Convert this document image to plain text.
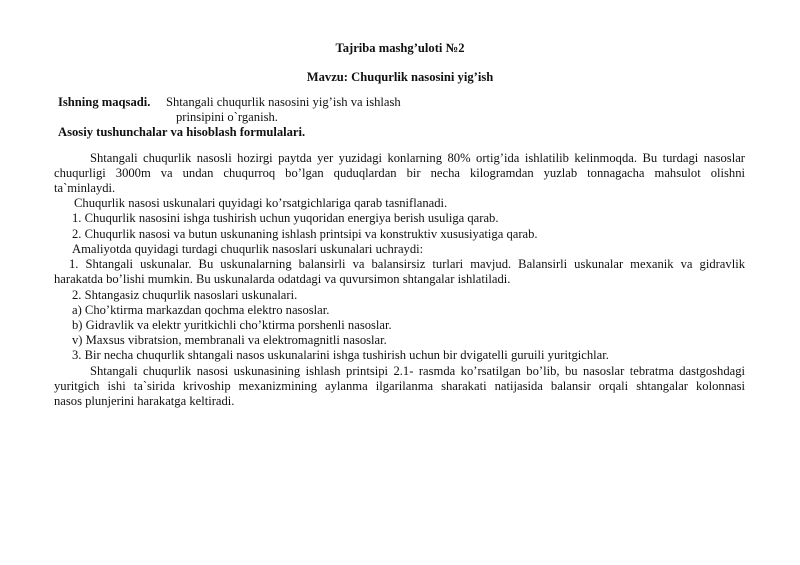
Tajriba mashg’uloti №2
Mavzu: Chuqurlik nasosini yig’ish
Ishning maqsadi. Shtangali chuqurlik nasosini yig’ish va ishlash
prinsipini o`rganish.
Asosiy tushunchalar va hisoblash formulalari.
Shtangali chuqurlik nasosli hozirgi paytda yer yuzidagi konlarning 80% ortig’ida ishlatilib kelinmoqda. Bu turdagi nasoslar
chuqurligi 3000m va undan chuqurroq bo’lgan quduqlardan bir necha kilogramdan yuzlab tonnagacha mahsulot olishni
ta`minlaydi.
Chuqurlik nasosi uskunalari quyidagi ko’rsatgichlariga qarab tasniflanadi.
1. Chuqurlik nasosini ishga tushirish uchun yuqoridan energiya berish usuliga qarab.
2. Chuqurlik nasosi va butun uskunaning ishlash printsipi va konstruktiv xususiyatiga qarab.
Amaliyotda quyidagi turdagi chuqurlik nasoslari uskunalari uchraydi:
1. Shtangali uskunalar. Bu uskunalarning balansirli va balansirsiz turlari mavjud. Balansirli uskunalar mexanik va gidravlik
harakatda bo’lishi mumkin. Bu uskunalarda odatdagi va quvursimon shtangalar ishlatiladi.
2. Shtangasiz chuqurlik nasoslari uskunalari.
a) Cho’ktirma markazdan qochma elektro nasoslar.
b) Gidravlik va elektr yuritkichli cho’ktirma porshenli nasoslar.
v) Maxsus vibratsion, membranali va elektromagnitli nasoslar.
3. Bir necha chuqurlik shtangali nasos uskunalarini ishga tushirish uchun bir dvigatelli guruili yuritgichlar.
Shtangali chuqurlik nasosi uskunasining ishlash printsipi 2.1- rasmda ko’rsatilgan bo’lib, bu nasoslar tebratma dastgoshdagi
yuritgich ishi ta`sirida krivoship mexanizmining aylanma ilgarilanma sharakati natijasida balansir orqali shtangalar kolonnasi
nasos plunjerini harakatga keltiradi.
